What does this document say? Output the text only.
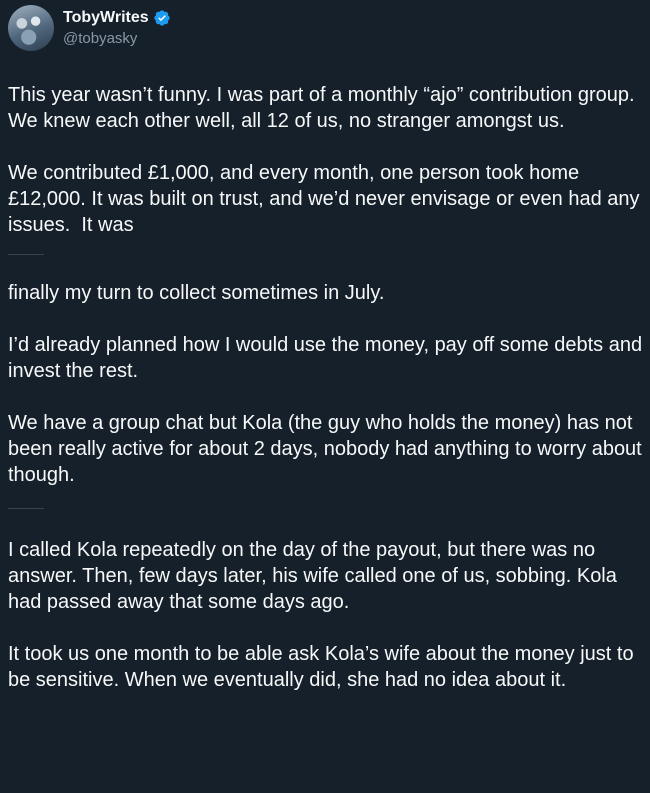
TobyWrites
@tobyasky

This year wasn’t funny. I was part of a monthly “ajo” contribution group. We knew each other well, all 12 of us, no stranger amongst us.

We contributed £1,000, and every month, one person took home £12,000. It was built on trust, and we’d never envisage or even had any issues.  It was

finally my turn to collect sometimes in July.

I’d already planned how I would use the money, pay off some debts and invest the rest.

We have a group chat but Kola (the guy who holds the money) has not been really active for about 2 days, nobody had anything to worry about though.

I called Kola repeatedly on the day of the payout, but there was no answer. Then, few days later, his wife called one of us, sobbing. Kola had passed away that some days ago.

It took us one month to be able ask Kola’s wife about the money just to be sensitive. When we eventually did, she had no idea about it.
